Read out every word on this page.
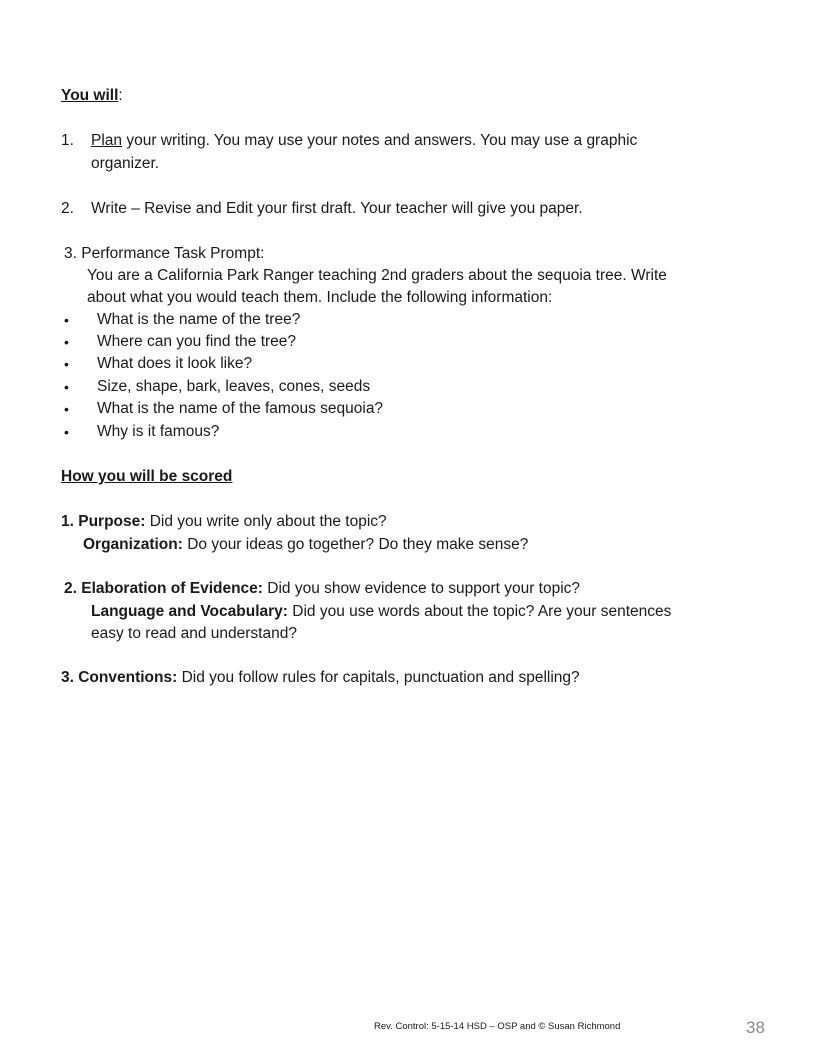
You will:
1. Plan your writing. You may use your notes and answers. You may use a graphic
organizer.
2. Write – Revise and Edit your first draft. Your teacher will give you paper.
3. Performance Task Prompt:
You are a California Park Ranger teaching 2nd graders about the sequoia tree. Write
about what you would teach them. Include the following information:
• What is the name of the tree?
• Where can you find the tree?
• What does it look like?
• Size, shape, bark, leaves, cones, seeds
• What is the name of the famous sequoia?
• Why is it famous?
How you will be scored
1. Purpose: Did you write only about the topic?
Organization: Do your ideas go together? Do they make sense?
2. Elaboration of Evidence: Did you show evidence to support your topic?
Language and Vocabulary: Did you use words about the topic? Are your sentences
easy to read and understand?
3. Conventions: Did you follow rules for capitals, punctuation and spelling?
Rev. Control: 5-15-14 HSD – OSP and © Susan Richmond	38
